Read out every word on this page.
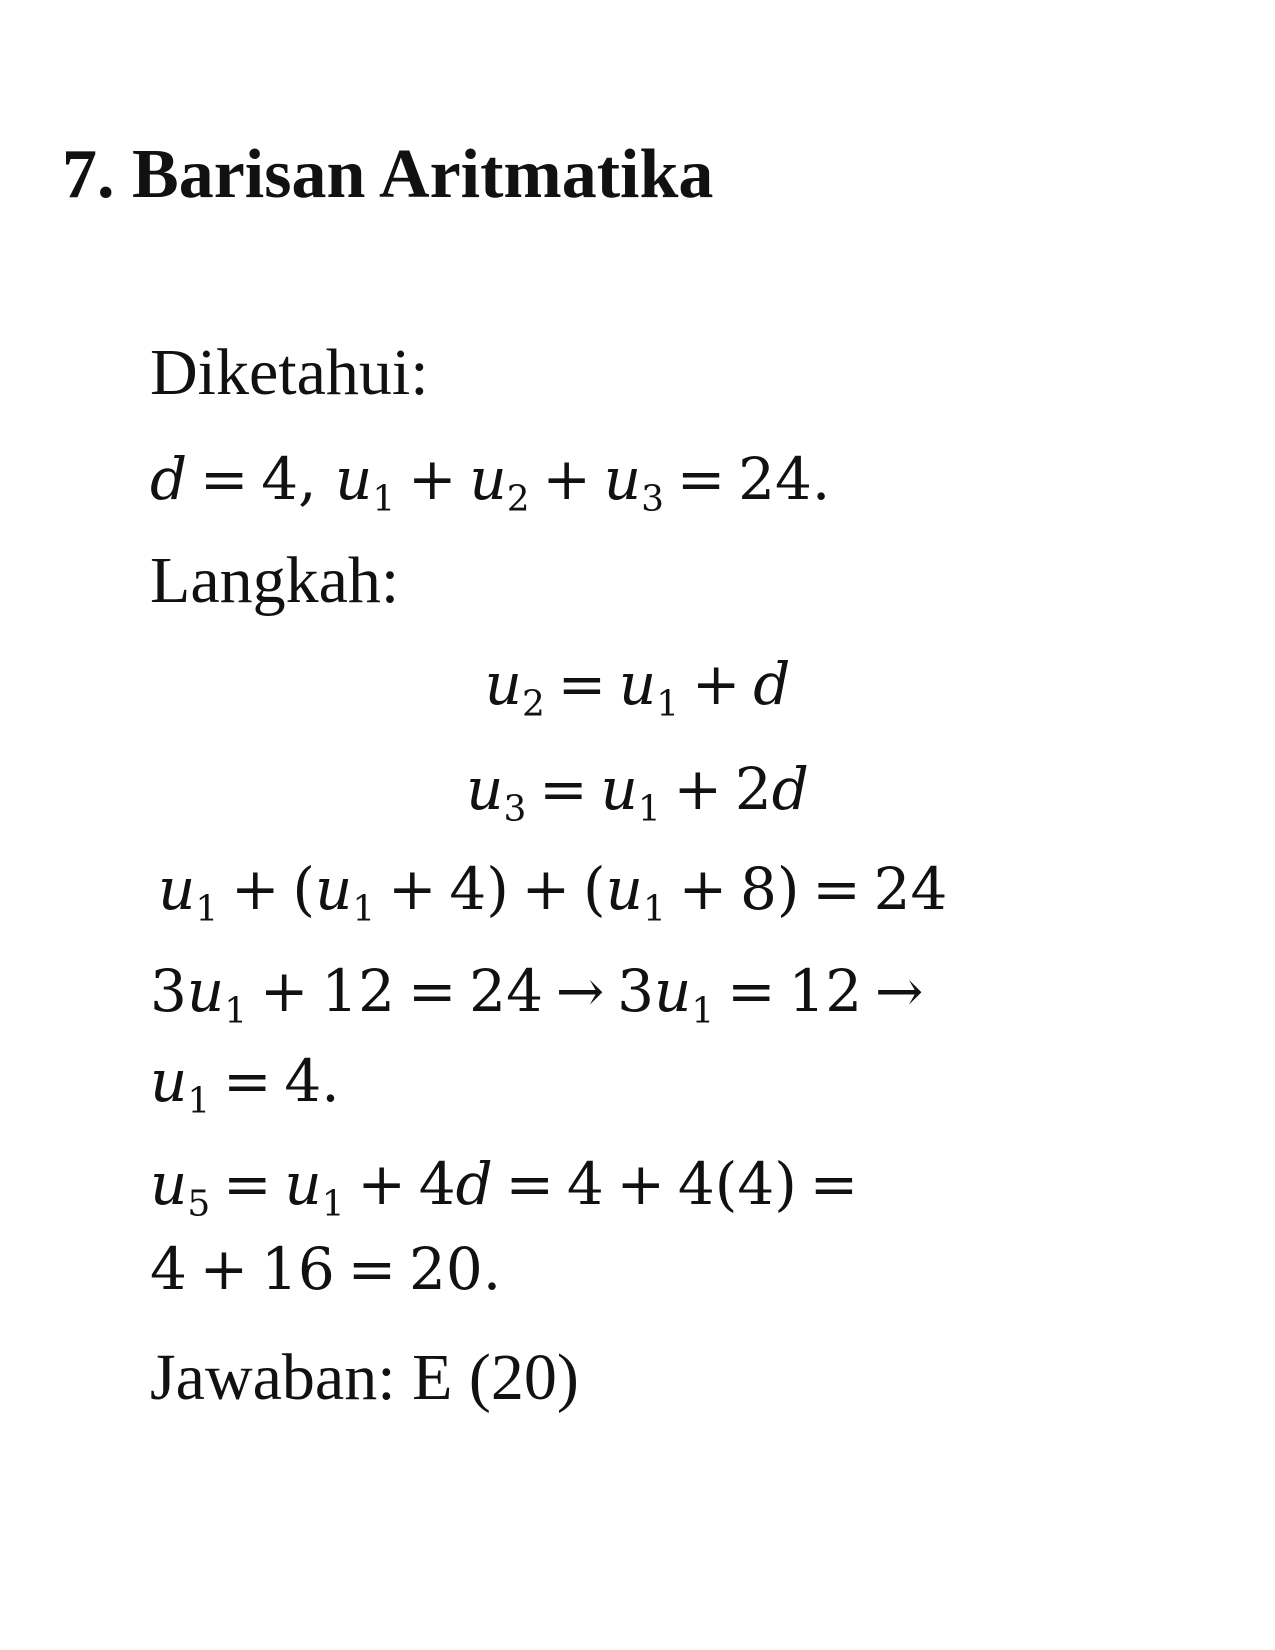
7. Barisan Aritmatika
Diketahui:
d = 4, $u_1 + u_2 + u_3 = 24$.
Langkah:
$u_2 = u_1 + d$
$u_3 = u_1 + 2d$
$u_1 + (u_1 + 4) + (u_1 + 8) = 24$
$3u_1 + 12 = 24 \to 3u_1 = 12$ →
$u_1 = 4$.
$u_5 = u_1 + 4d = 4 + 4(4)$ =
4 + 16 = 20.
Jawaban: E (20)
